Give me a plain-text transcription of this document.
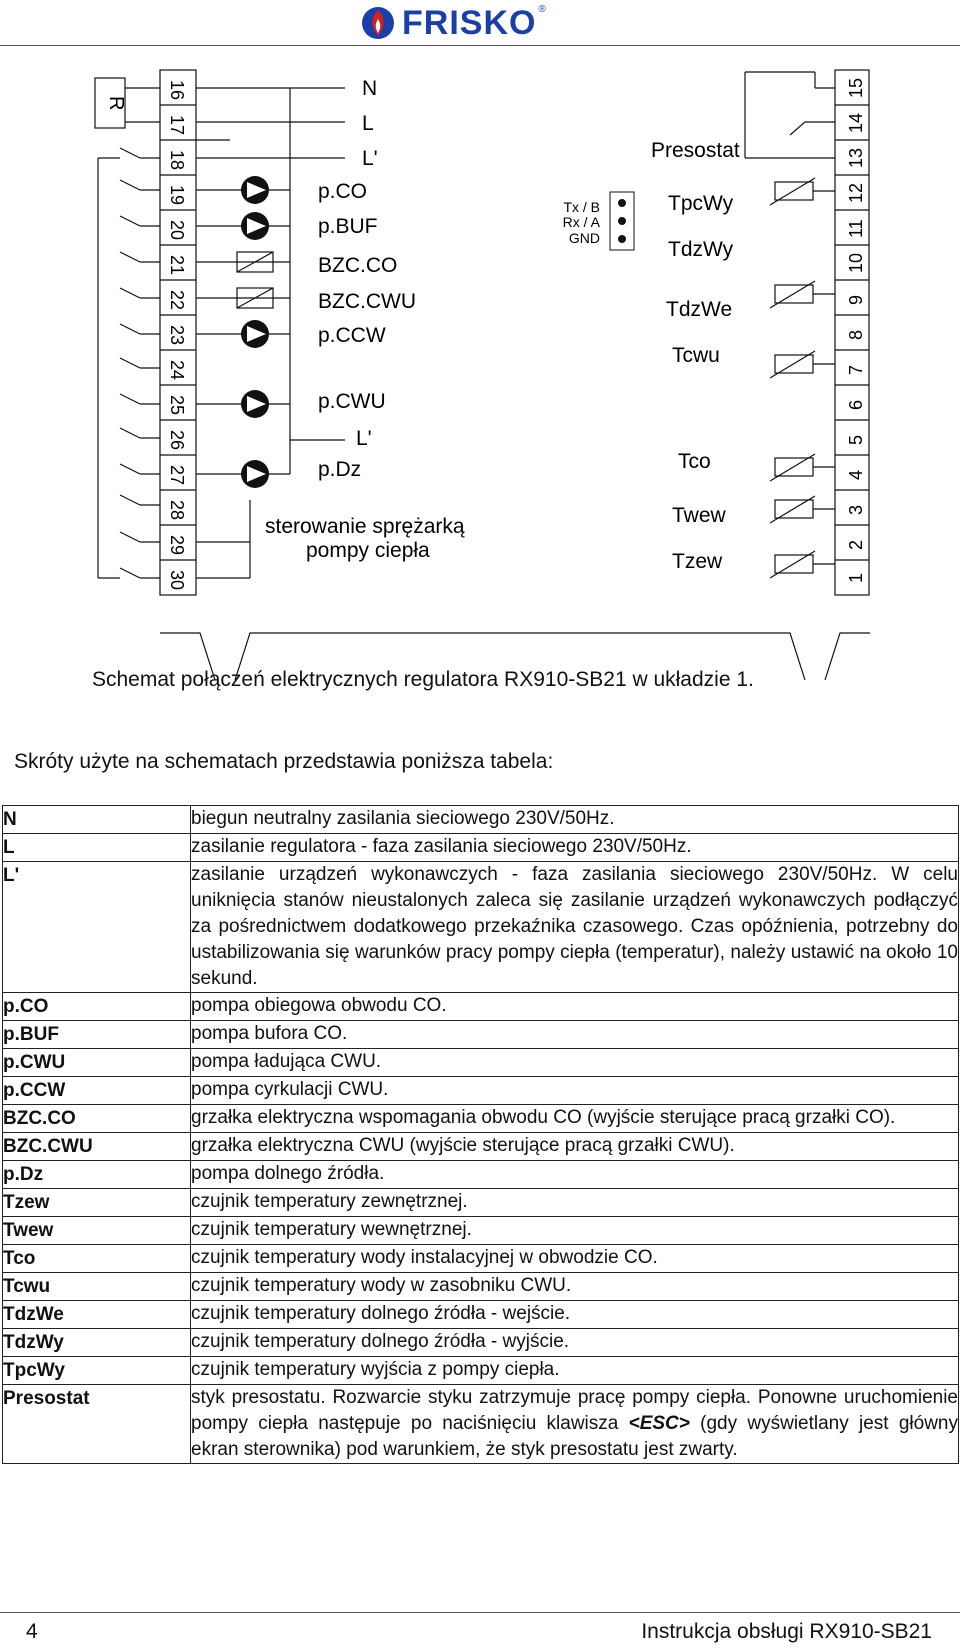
FRISKO ®
R
16
17
18
19
20
21
22
23
24
25
26
27
28
29
30
15
14
13
12
11
10
9
8
7
6
5
4
3
2
1
N
L
L'
p.CO
p.BUF
BZC.CO
BZC.CWU
p.CCW
p.CWU
L'
p.Dz
sterowanie sprężarką
pompy ciepła
Tx / B
Rx / A
GND
Presostat
TpcWy
TdzWy
TdzWe
Tcwu
Tco
Twew
Tzew
Schemat połączeń elektrycznych regulatora RX910-SB21 w układzie 1.
Skróty użyte na schematach przedstawia poniższa tabela:
N	biegun neutralny zasilania sieciowego 230V/50Hz.

L	zasilanie regulatora - faza zasilania sieciowego 230V/50Hz.

L'	zasilanie urządzeń wykonawczych - faza zasilania sieciowego 230V/50Hz. W celu uniknięcia stanów nieustalonych zaleca się zasilanie urządzeń wykonawczych podłączyć za pośrednictwem dodatkowego przekaźnika czasowego. Czas opóźnienia, potrzebny do ustabilizowania się warunków pracy pompy ciepła (temperatur), należy ustawić na około 10 sekund.

p.CO	pompa obiegowa obwodu CO.

p.BUF	pompa bufora CO.

p.CWU	pompa ładująca CWU.

p.CCW	pompa cyrkulacji CWU.

BZC.CO	grzałka elektryczna wspomagania obwodu CO (wyjście sterujące pracą grzałki CO).

BZC.CWU	grzałka elektryczna CWU (wyjście sterujące pracą grzałki CWU).

p.Dz	pompa dolnego źródła.

Tzew	czujnik temperatury zewnętrznej.

Twew	czujnik temperatury wewnętrznej.

Tco	czujnik temperatury wody instalacyjnej w obwodzie CO.

Tcwu	czujnik temperatury wody w zasobniku CWU.

TdzWe	czujnik temperatury dolnego źródła - wejście.

TdzWy	czujnik temperatury dolnego źródła - wyjście.

TpcWy	czujnik temperatury wyjścia z pompy ciepła.

Presostat	styk presostatu. Rozwarcie styku zatrzymuje pracę pompy ciepła. Ponowne uruchomienie pompy ciepła następuje po naciśnięciu klawisza <ESC> (gdy wyświetlany jest główny ekran sterownika) pod warunkiem, że styk presostatu jest zwarty.

4	Instrukcja obsługi RX910-SB21
